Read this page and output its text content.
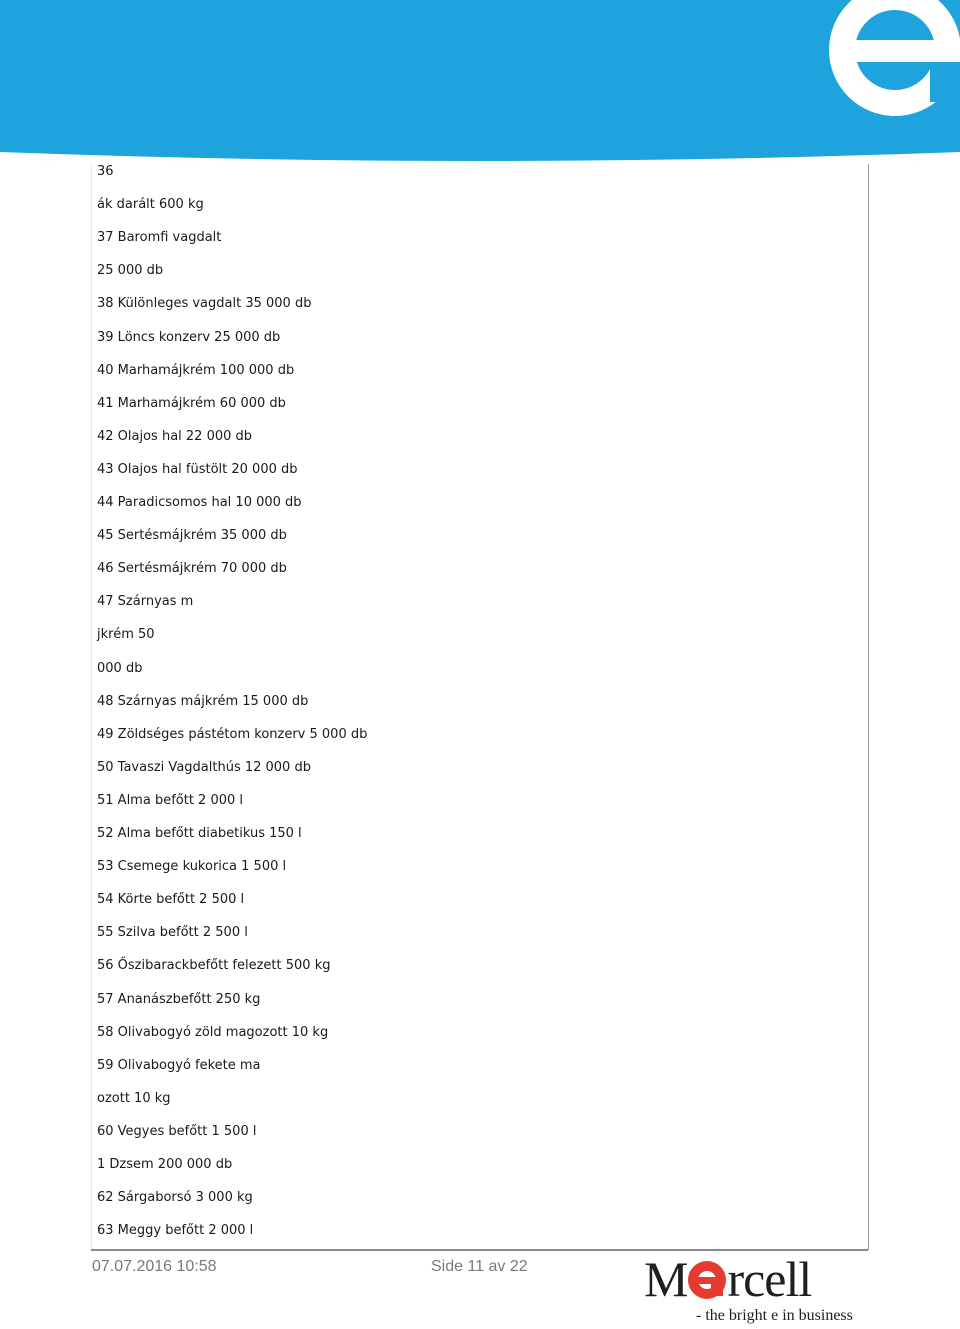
36
ák darált 600 kg
37 Baromfi vagdalt
25 000 db
38 Különleges vagdalt 35 000 db
39 Löncs konzerv 25 000 db
40 Marhamájkrém 100 000 db
41 Marhamájkrém 60 000 db
42 Olajos hal 22 000 db
43 Olajos hal füstölt 20 000 db
44 Paradicsomos hal 10 000 db
45 Sertésmájkrém 35 000 db
46 Sertésmájkrém 70 000 db
47 Szárnyas m
jkrém 50
000 db
48 Szárnyas májkrém 15 000 db
49 Zöldséges pástétom konzerv 5 000 db
50 Tavaszi Vagdalthús 12 000 db
51 Alma befőtt 2 000 l
52 Alma befőtt diabetikus 150 l
53 Csemege kukorica 1 500 l
54 Körte befőtt 2 500 l
55 Szilva befőtt 2 500 l
56 Őszibarackbefőtt felezett 500 kg
57 Ananászbefőtt 250 kg
58 Olivabogyó zöld magozott 10 kg
59 Olivabogyó fekete ma
ozott 10 kg
60 Vegyes befőtt 1 500 l
1 Dzsem 200 000 db
62 Sárgaborsó 3 000 kg
63 Meggy befőtt 2 000 l
07.07.2016 10:58	Side 11 av 22 M rcell
- the bright e in business
